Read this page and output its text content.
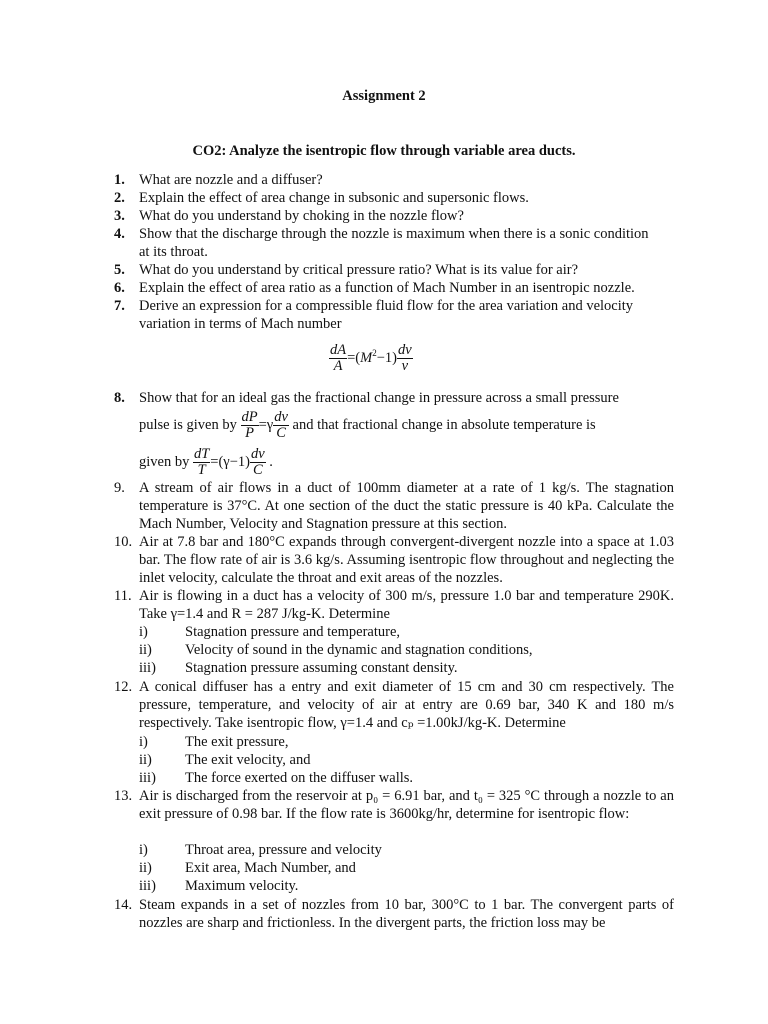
Assignment 2
CO2: Analyze the isentropic flow through variable area ducts.
1. What are nozzle and a diffuser?
2. Explain the effect of area change in subsonic and supersonic flows.
3. What do you understand by choking in the nozzle flow?
4. Show that the discharge through the nozzle is maximum when there is a sonic condition at its throat.
5. What do you understand by critical pressure ratio? What is its value for air?
6. Explain the effect of area ratio as a function of Mach Number in an isentropic nozzle.
7. Derive an expression for a compressible fluid flow for the area variation and velocity variation in terms of Mach number
$\frac{dA}{A} =(M^2-1) \frac{dv}{v}$
8. Show that for an ideal gas the fractional change in pressure across a small pressure
pulse is given by $\frac{dP}{P} =\gamma \frac{dv}{C}$ and that fractional change in absolute temperature is
given by $\frac{dT}{T} =(\gamma-1) \frac{dv}{C}$ .
9. A stream of air flows in a duct of 100mm diameter at a rate of 1 kg/s. The stagnation temperature is 37°C. At one section of the duct the static pressure is 40 kPa. Calculate the Mach Number, Velocity and Stagnation pressure at this section.
10. Air at 7.8 bar and 180°C expands through convergent-divergent nozzle into a space at 1.03 bar. The flow rate of air is 3.6 kg/s. Assuming isentropic flow throughout and neglecting the inlet velocity, calculate the throat and exit areas of the nozzles.
11. Air is flowing in a duct has a velocity of 300 m/s, pressure 1.0 bar and temperature 290K. Take γ=1.4 and R = 287 J/kg-K. Determine
i)	Stagnation pressure and temperature,
ii) Velocity of sound in the dynamic and stagnation conditions,
iii) Stagnation pressure assuming constant density.
12. A conical diffuser has a entry and exit diameter of 15 cm and 30 cm respectively. The pressure, temperature, and velocity of air at entry are 0.69 bar, 340 K and 180 m/s respectively. Take isentropic flow, γ=1.4 and cₚ =1.00kJ/kg-K. Determine
i)	The exit pressure,
ii) The exit velocity, and
iii) The force exerted on the diffuser walls.
13. Air is discharged from the reservoir at p₀ = 6.91 bar, and t₀ = 325 °C through a nozzle to an exit pressure of 0.98 bar. If the flow rate is 3600kg/hr, determine for isentropic flow:
i)	Throat area, pressure and velocity
ii) Exit area, Mach Number, and
iii) Maximum velocity.
14. Steam expands in a set of nozzles from 10 bar, 300°C to 1 bar. The convergent parts of nozzles are sharp and frictionless. In the divergent parts, the friction loss may be
